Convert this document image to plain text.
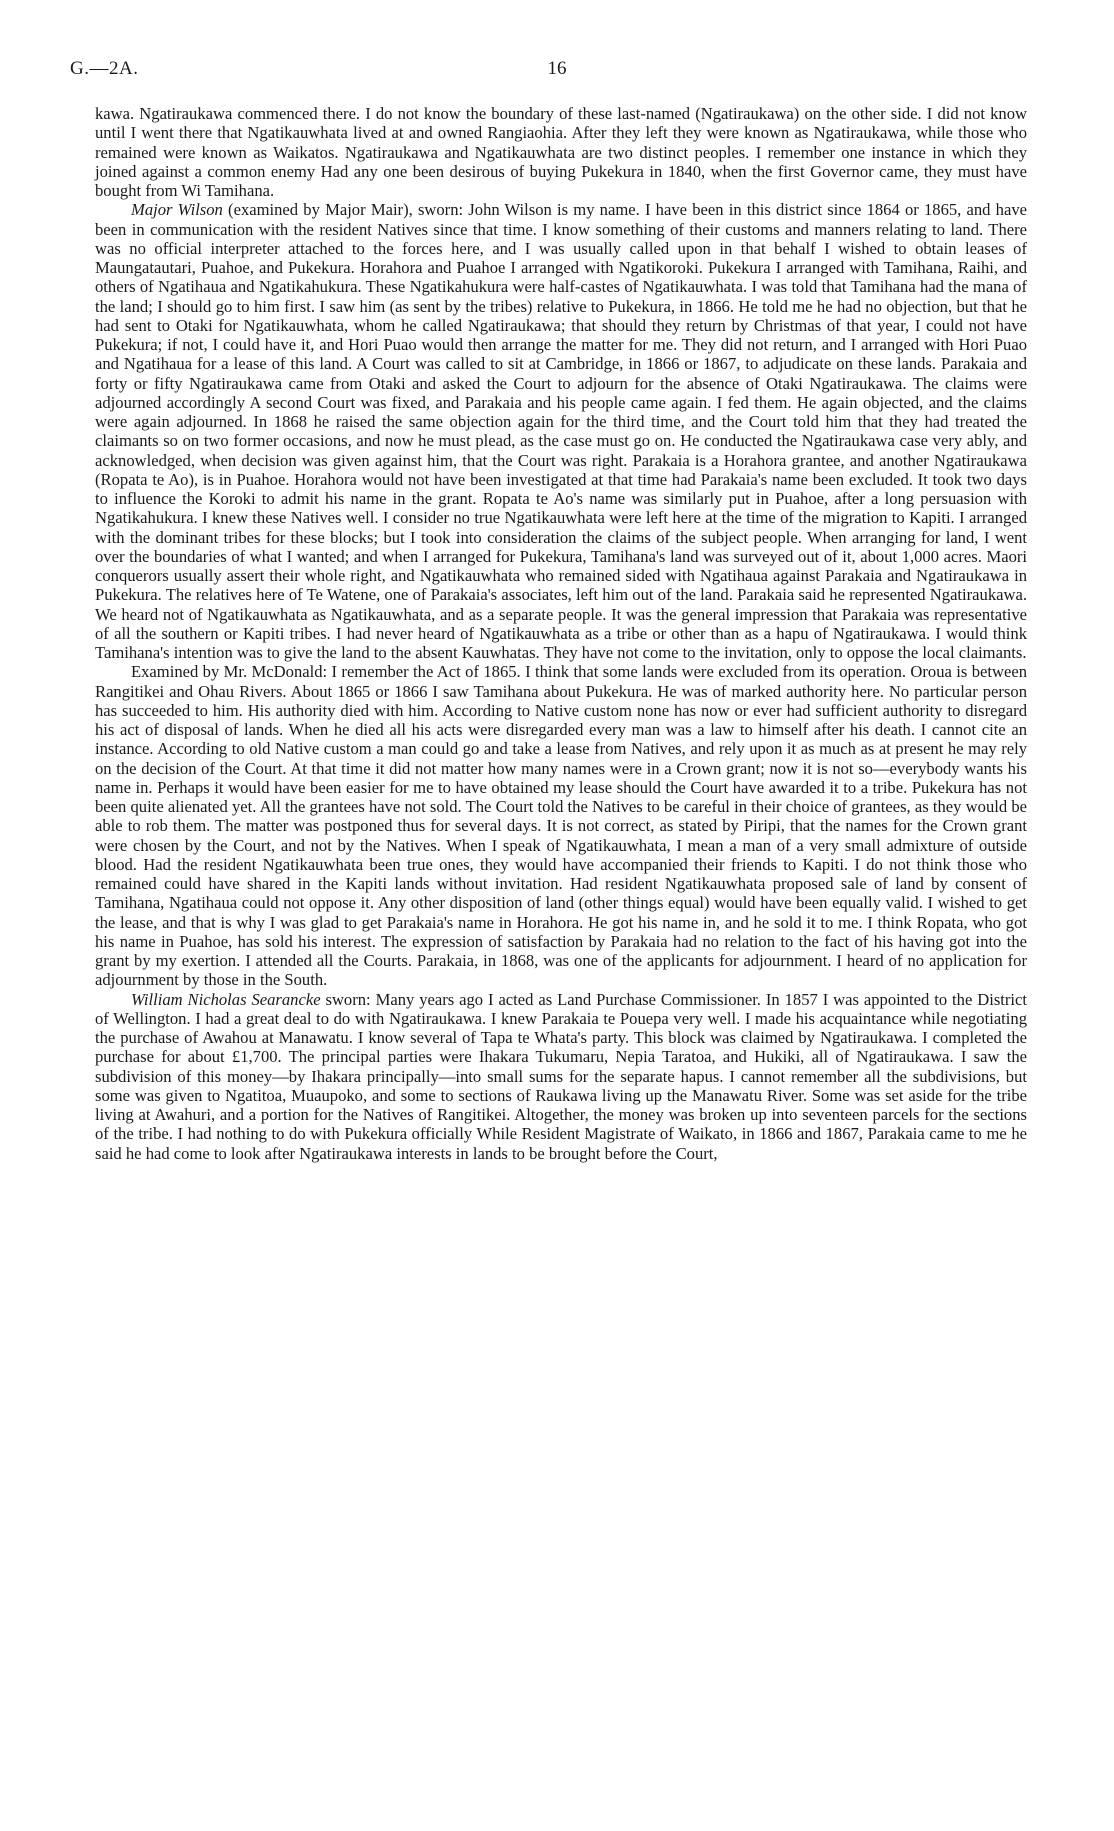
G.—2A.	16

kawa. Ngatiraukawa commenced there. I do not know the boundary of these last-named (Ngatiraukawa) on the other side. I did not know until I went there that Ngatikauwhata lived at and owned Rangiaohia. After they left they were known as Ngatiraukawa, while those who remained were known as Waikatos. Ngatiraukawa and Ngatikauwhata are two distinct peoples. I remember one instance in which they joined against a common enemy Had any one been desirous of buying Pukekura in 1840, when the first Governor came, they must have bought from Wi Tamihana.

Major Wilson (examined by Major Mair), sworn: John Wilson is my name. I have been in this district since 1864 or 1865, and have been in communication with the resident Natives since that time. I know something of their customs and manners relating to land. There was no official interpreter attached to the forces here, and I was usually called upon in that behalf I wished to obtain leases of Maungatautari, Puahoe, and Pukekura. Horahora and Puahoe I arranged with Ngatikoroki. Pukekura I arranged with Tamihana, Raihi, and others of Ngatihaua and Ngatikahukura. These Ngatikahukura were half-castes of Ngatikauwhata. I was told that Tamihana had the mana of the land; I should go to him first. I saw him (as sent by the tribes) relative to Pukekura, in 1866. He told me he had no objection, but that he had sent to Otaki for Ngatikauwhata, whom he called Ngatiraukawa; that should they return by Christmas of that year, I could not have Pukekura; if not, I could have it, and Hori Puao would then arrange the matter for me. They did not return, and I arranged with Hori Puao and Ngatihaua for a lease of this land. A Court was called to sit at Cambridge, in 1866 or 1867, to adjudicate on these lands. Parakaia and forty or fifty Ngatiraukawa came from Otaki and asked the Court to adjourn for the absence of Otaki Ngatiraukawa. The claims were adjourned accordingly A second Court was fixed, and Parakaia and his people came again. I fed them. He again objected, and the claims were again adjourned. In 1868 he raised the same objection again for the third time, and the Court told him that they had treated the claimants so on two former occasions, and now he must plead, as the case must go on. He conducted the Ngatiraukawa case very ably, and acknowledged, when decision was given against him, that the Court was right. Parakaia is a Horahora grantee, and another Ngatiraukawa (Ropata te Ao), is in Puahoe. Horahora would not have been investigated at that time had Parakaia's name been excluded. It took two days to influence the Koroki to admit his name in the grant. Ropata te Ao's name was similarly put in Puahoe, after a long persuasion with Ngatikahukura. I knew these Natives well. I consider no true Ngatikauwhata were left here at the time of the migration to Kapiti. I arranged with the dominant tribes for these blocks; but I took into consideration the claims of the subject people. When arranging for land, I went over the boundaries of what I wanted; and when I arranged for Pukekura, Tamihana's land was surveyed out of it, about 1,000 acres. Maori conquerors usually assert their whole right, and Ngatikauwhata who remained sided with Ngatihaua against Parakaia and Ngatiraukawa in Pukekura. The relatives here of Te Watene, one of Parakaia's associates, left him out of the land. Parakaia said he represented Ngatiraukawa. We heard not of Ngatikauwhata as Ngatikauwhata, and as a separate people. It was the general impression that Parakaia was representative of all the southern or Kapiti tribes. I had never heard of Ngatikauwhata as a tribe or other than as a hapu of Ngatiraukawa. I would think Tamihana's intention was to give the land to the absent Kauwhatas. They have not come to the invitation, only to oppose the local claimants.

Examined by Mr. McDonald: I remember the Act of 1865. I think that some lands were excluded from its operation. Oroua is between Rangitikei and Ohau Rivers. About 1865 or 1866 I saw Tamihana about Pukekura. He was of marked authority here. No particular person has succeeded to him. His authority died with him. According to Native custom none has now or ever had sufficient authority to disregard his act of disposal of lands. When he died all his acts were disregarded every man was a law to himself after his death. I cannot cite an instance. According to old Native custom a man could go and take a lease from Natives, and rely upon it as much as at present he may rely on the decision of the Court. At that time it did not matter how many names were in a Crown grant; now it is not so—everybody wants his name in. Perhaps it would have been easier for me to have obtained my lease should the Court have awarded it to a tribe. Pukekura has not been quite alienated yet. All the grantees have not sold. The Court told the Natives to be careful in their choice of grantees, as they would be able to rob them. The matter was postponed thus for several days. It is not correct, as stated by Piripi, that the names for the Crown grant were chosen by the Court, and not by the Natives. When I speak of Ngatikauwhata, I mean a man of a very small admixture of outside blood. Had the resident Ngatikauwhata been true ones, they would have accompanied their friends to Kapiti. I do not think those who remained could have shared in the Kapiti lands without invitation. Had resident Ngatikauwhata proposed sale of land by consent of Tamihana, Ngatihaua could not oppose it. Any other disposition of land (other things equal) would have been equally valid. I wished to get the lease, and that is why I was glad to get Parakaia's name in Horahora. He got his name in, and he sold it to me. I think Ropata, who got his name in Puahoe, has sold his interest. The expression of satisfaction by Parakaia had no relation to the fact of his having got into the grant by my exertion. I attended all the Courts. Parakaia, in 1868, was one of the applicants for adjournment. I heard of no application for adjournment by those in the South.

William Nicholas Searancke sworn: Many years ago I acted as Land Purchase Commissioner. In 1857 I was appointed to the District of Wellington. I had a great deal to do with Ngatiraukawa. I knew Parakaia te Pouepa very well. I made his acquaintance while negotiating the purchase of Awahou at Manawatu. I know several of Tapa te Whata's party. This block was claimed by Ngatiraukawa. I completed the purchase for about £1,700. The principal parties were Ihakara Tukumaru, Nepia Taratoa, and Hukiki, all of Ngatiraukawa. I saw the subdivision of this money—by Ihakara principally—into small sums for the separate hapus. I cannot remember all the subdivisions, but some was given to Ngatitoa, Muaupoko, and some to sections of Raukawa living up the Manawatu River. Some was set aside for the tribe living at Awahuri, and a portion for the Natives of Rangitikei. Altogether, the money was broken up into seventeen parcels for the sections of the tribe. I had nothing to do with Pukekura officially While Resident Magistrate of Waikato, in 1866 and 1867, Parakaia came to me he said he had come to look after Ngatiraukawa interests in lands to be brought before the Court,
